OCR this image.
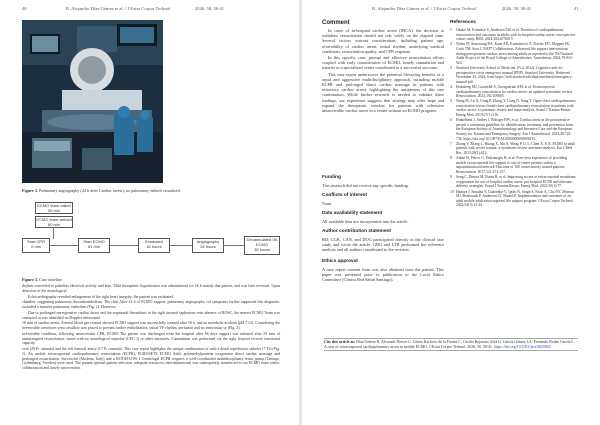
40	R. Alejandro Díaz Gómez et al. / J Extra Corpor Technol	2026, 58, 38-41
Figure 2. Pulmonary angiography (24 h after Cardiac arrest), no pulmonary emboli visualized.
ECMO team called
50 min
ECMO team arrived
60 min
Start CPR
0 min
Start ECMO
81 min
Extubated
16 hours
Angiography
24 hours
Decannulated VA ECMO
30 hours
Figure 3. Case timeline.

rhythm converted to pulseless electrical activity and kept. Mild therapeutic hypothermia was administered for 16 h mainly that pattern, and was later reversed. Upon detection of the neurological

Echocardiography revealed enlargement of the right heart integrity, the patient was extubated.

chamber, suggesting pulmonary thromboembolism. The clini After 24 h of ECMO support, pulmonary angiography cal symptoms further supported this diagnosis. excluded a massive pulmonary embolism (Fig. 2). However,

Due to prolonged unresponsive cardiac arrest and the segmental thrombosis in the right internal saphenous vein absence of ROSC, the nearest ECMO Team was contacted at was identified on Doppler ultrasound.

18 min of cardiac arrest. Arterial blood gas control showed ECMO support was successfully weaned after 50 h, and an metabolic acidosis (pH 7.12). Considering the irreversible waveform vena cavallow was placed to prevent further embolization, initial VF rhythm, perfusion and no ventricular sy (Fig. 3).

irreversible condition, following unsuccessful CPR, ECMO The patient was discharged from the hospital after 64 days support was initiated after 81 min of uninterrupted resuscitation, stated with no neurological sequelae (CPC 1) or other measures. Cannulation was performed via the right femoral recover functional capacity.

vein (29 Fr cannula) and the left femoral artery (17 Fr cannula). This case report highlights the unique combination of with a distal reperfusion catheter (7 Fr) (Fig. 1). An mobile extracorporeal cardiopulmonary resuscitation (ECPR), EUROSETS ECMO Adult polymethylpentene oxygenator direct cardiac massage and prolonged resuscitation. Successful (Modena, Italy) and a ROTAFLOW I Centrifugal ECPR requires a well-coordinated multidisciplinary team, pump (Getinge, Gothenburg, Sweden) were used. The patient optimal patient selection, adequate resources, interinstitutional was subsequently transferred to our ECMO team center. collaboration and timely intervention.

R. Alejandro Díaz Gómez et al. / J Extra Corpor Technol	2026, 58, 38-41	41
Comment

In cases of in-hospital cardiac arrest (IHCA), the decision to withdraw resuscitation should not rely solely on the elapsed time. Several factors warrant consideration, including patient age, reversibility of cardiac arrest, initial rhythm, underlying medical conditions, resuscitation quality, and CPR response.

In this specific case, prompt and effective resuscitation efforts coupled with early consideration of ECMO, timely cannulation and transfer to a specialized center contributed to a successful outcome.

This case report underscores the potential lifesaving benefits of a rapid and aggressive multidisciplinary approach, including mobile ECPR and prolonged direct cardiac massage in patients with refractory cardiac arrest, highlighting the uniqueness of this rare combination. While further research is needed to validate these findings, our experience suggests that strategy may offer hope and expand the therapeutic window for patients with otherwise unsurvivable cardiac arrest in a center without an ECMO program.

Funding
This research did not receive any specific funding.
Conflicts of interest
None.
Data availability statement
All available data are incorporated into the article.
Author contribution statement
RD, CGK, CAN, and DOG participated directly in the clinical case study and wrote the article. GBG and LFR performed the reference analysis and all authors contributed to the revision.
Ethics approval
A case report consent form was also obtained from the patient. This paper was presented prior to publication to the Local Ethics Committee (Clinica Red Salud Santiago).
References
1 Okubo M, Komukai S, Andersen LW, et al. Duration of cardiopulmonary resuscitation and outcomes in adults with in-hospital cardiac arrest: retrospective cohort study. BMJ. 2024;384:e076019.
2 Nolan JP, Armstrong RA, Kane AD, Kursumovic E, Davies MT, Moppett IK, Cook TM, Soar J, NAP7 Collaborators. Advanced life support interventions during perioperative cardiac arrest among adults as reported to the 7th National Audit Project of the Royal College of Anaesthetists. Anaesthesia. 2024;79:914-923.
3 Stanford University School of Medicine. (N.d. 2022). Cognitive aids for perioperative crisis emergency manual [PDF]. Stanford University. Retrieved November 25, 2024, from https://web.stanford.edu/dept/anesthesia/emergency-manual.pdf.
4 Holmberg MJ, Granfeldt A, Guerguerian AM, et al. Extracorporeal cardiopulmonary resuscitation for cardiac arrest: an updated systematic review. Resuscitation. 2023;182:109665.
5 Wang M, Lu X, Gong P, Zhong Y, Gong D, Song Y. Open-chest cardiopulmonary resuscitation versus closed-chest cardiopulmonary resuscitation in patients with cardiac arrest: a systematic review and meta-analysis. Scand J Trauma Resusc Emerg Med. 2019;27(1):116.
6 Hinkelbein J, Andres J, Böttiger BW, et al. Cardiac arrest in the perioperative period: a consensus guideline for identification, treatment, and prevention from the European Society of Anaesthesiology and Intensive Care and the European Society for Trauma and Emergency Surgery. Eur J Anaesthesiol. 2023;40:724-736. https://doi.org/10.1097/EJA.0000000000001813.
7 Zhang Y, Zhang L, Huang X, Ma N, Wang P, Li L, Chen X, Ji X. ECMO in adult patients with severe trauma: a systematic review and meta-analysis. Eur J Med Res. 2023;28(1):412.
8 Aubin H, Petrov G, Dalyanoglu H, et al. Four-year experience of providing mobile extracorporeal life support to out-of-center patients within a suprainstitutional network-Outcome of 160 consecutively treated patients. Resuscitation. 2017;121:151-157.
9 Song C, Dennis M, Burns B, et al. Improving access to extracorporeal membrane oxygenation for out of hospital cardiac arrest: pre-hospital ECPR and alternate delivery strategies. Scand J Trauma Resusc Emerg Med. 2022;30(1):77.
10 Hadaya J, Sanaiha Y, Gudzenko V, Qadir N, Singh S, Nsair A, Chu NY, Moreau MJ, Benharash P, Anderson CJ, Rinard P. Implementation and outcomes of an adult mobile adult extracorporeal life support program. J Extra Corpor Technol. 2022;54(1):12-24.
Cite this article as: Díaz Gómez R, Alvarado Nieves C, Gloria Karlovic de la Fuente C, Cecilia Bejarano Alva G, García Gómez LA, Fernando Rodas García L. A case of extracorporeal cardiopulmonary arrest in mobile ECMO. J Extra Corpor Technol. 2026, 58, 38-41. https://doi.org/10.1051/ject/2025003
